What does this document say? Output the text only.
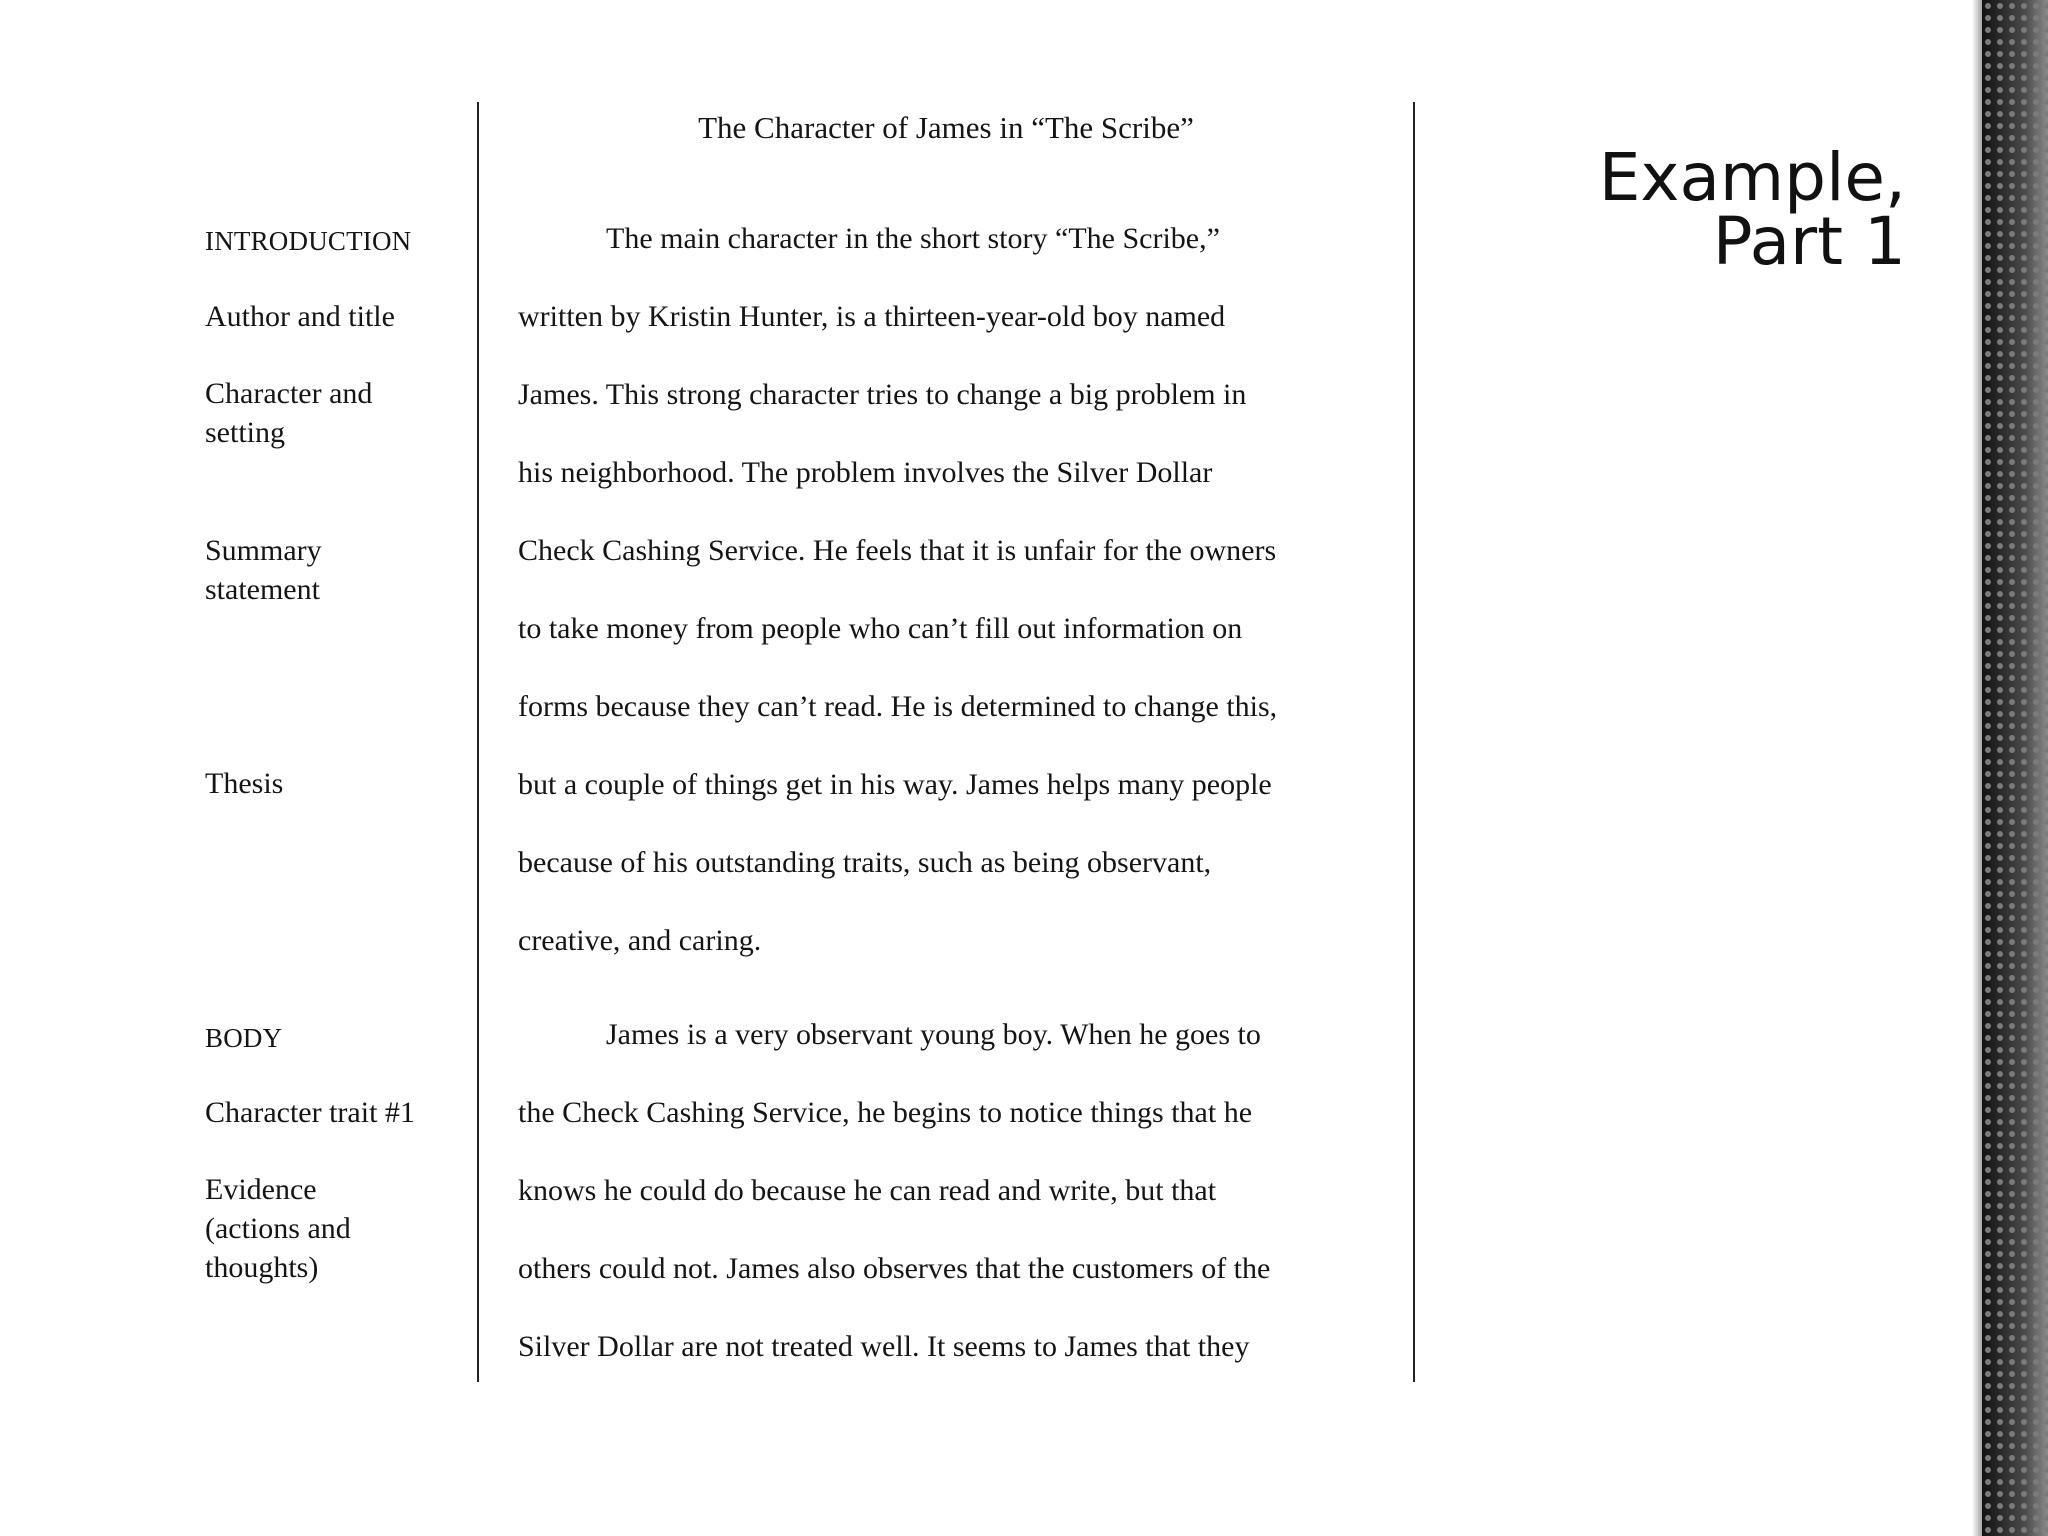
The Character of James in “The Scribe”
INTRODUCTION
Author and title
Character and
setting
Summary
statement
Thesis
BODY
Character trait #1
Evidence
(actions and
thoughts)
The main character in the short story “The Scribe,”
written by Kristin Hunter, is a thirteen-year-old boy named
James. This strong character tries to change a big problem in
his neighborhood. The problem involves the Silver Dollar
Check Cashing Service. He feels that it is unfair for the owners
to take money from people who can’t fill out information on
forms because they can’t read. He is determined to change this,
but a couple of things get in his way. James helps many people
because of his outstanding traits, such as being observant,
creative, and caring.
James is a very observant young boy. When he goes to
the Check Cashing Service, he begins to notice things that he
knows he could do because he can read and write, but that
others could not. James also observes that the customers of the
Silver Dollar are not treated well. It seems to James that they
Example,
Part 1
